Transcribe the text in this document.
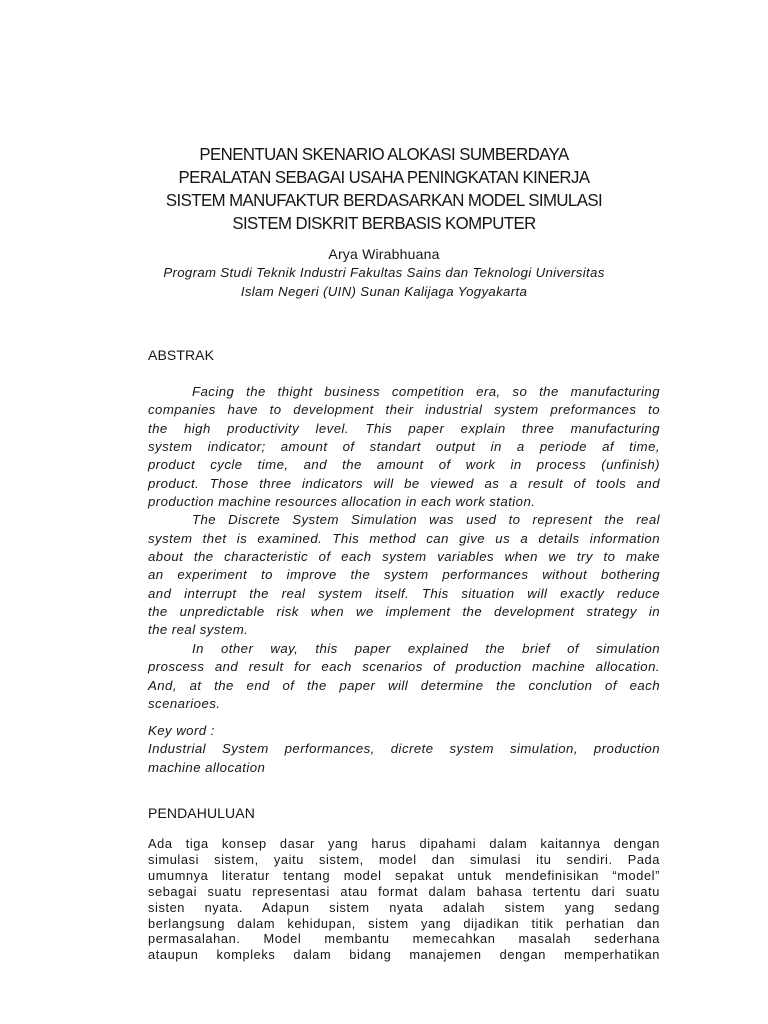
PENENTUAN SKENARIO ALOKASI SUMBERDAYA
PERALATAN SEBAGAI USAHA PENINGKATAN KINERJA
SISTEM MANUFAKTUR BERDASARKAN MODEL SIMULASI
SISTEM DISKRIT BERBASIS KOMPUTER
Arya Wirabhuana
Program Studi Teknik Industri Fakultas Sains dan Teknologi Universitas
Islam Negeri (UIN) Sunan Kalijaga Yogyakarta
ABSTRAK
Facing the thight business competition era, so the manufacturing
companies have to development their industrial system preformances to
the high productivity level. This paper explain three manufacturing
system indicator; amount of standart output in a periode af time,
product cycle time, and the amount of work in process (unfinish)
product. Those three indicators will be viewed as a result of tools and
production machine resources allocation in each work station.
The Discrete System Simulation was used to represent the real
system thet is examined. This method can give us a details information
about the characteristic of each system variables when we try to make
an experiment to improve the system performances without bothering
and interrupt the real system itself. This situation will exactly reduce
the unpredictable risk when we implement the development strategy in
the real system.
In other way, this paper explained the brief of simulation
proscess and result for each scenarios of production machine allocation.
And, at the end of the paper will determine the conclution of each
scenarioes.
Key word :
Industrial System performances, dicrete system simulation, production
machine allocation
PENDAHULUAN
Ada tiga konsep dasar yang harus dipahami dalam kaitannya dengan
simulasi sistem, yaitu sistem, model dan simulasi itu sendiri. Pada
umumnya literatur tentang model sepakat untuk mendefinisikan “model”
sebagai suatu representasi atau format dalam bahasa tertentu dari suatu
sisten nyata. Adapun sistem nyata adalah sistem yang sedang
berlangsung dalam kehidupan, sistem yang dijadikan titik perhatian dan
permasalahan. Model membantu memecahkan masalah sederhana
ataupun kompleks dalam bidang manajemen dengan memperhatikan
